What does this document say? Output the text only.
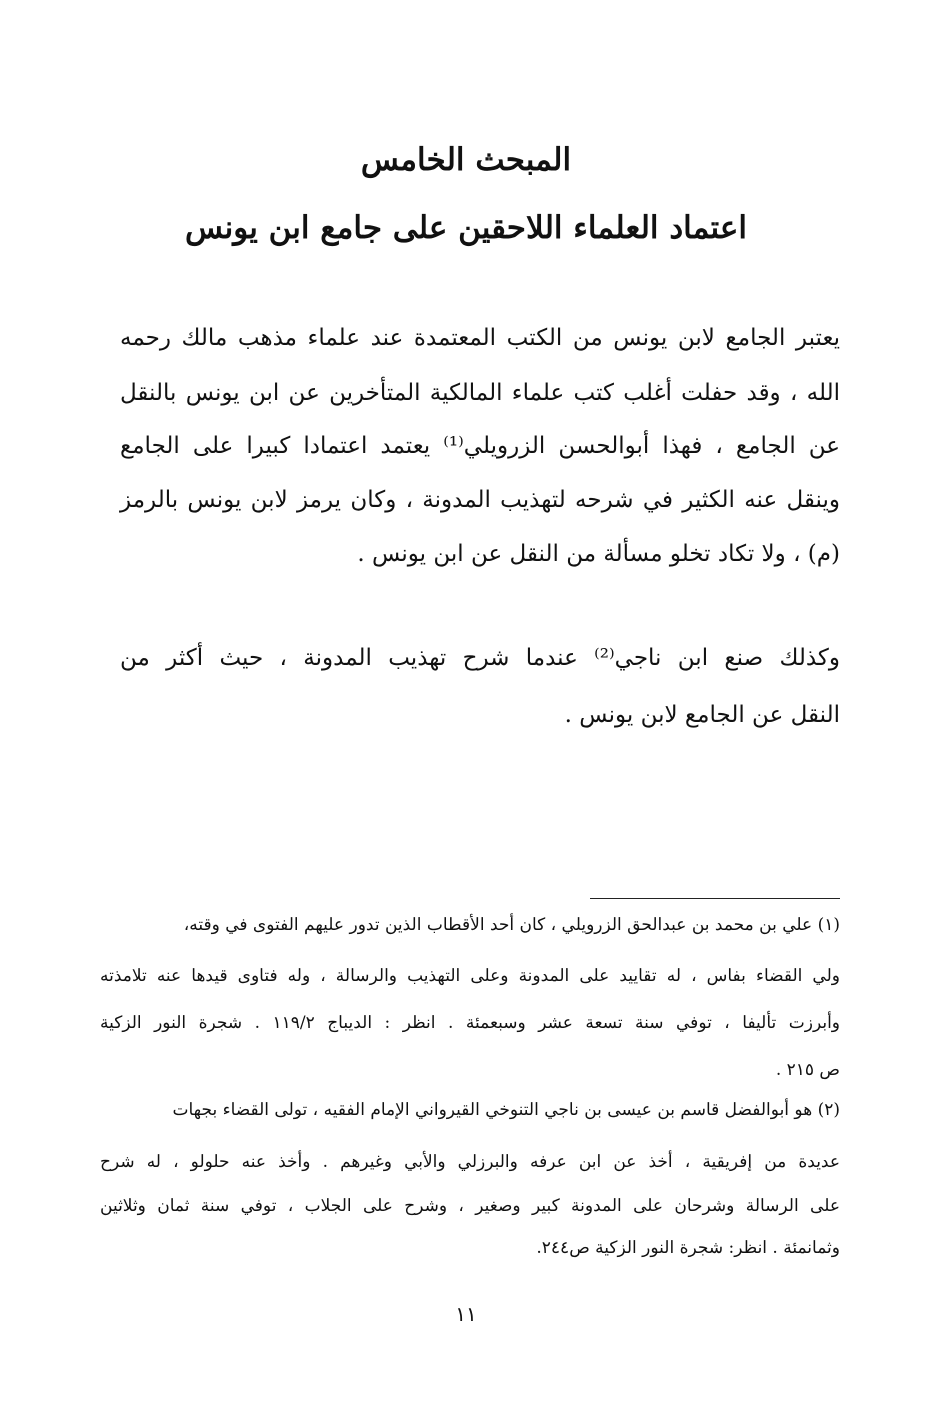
المبحث الخامس
اعتماد العلماء اللاحقين على جامع ابن يونس
يعتبر الجامع لابن يونس من الكتب المعتمدة عند علماء مذهب مالك رحمه
الله ، وقد حفلت أغلب كتب علماء المالكية المتأخرين عن ابن يونس بالنقل
عن الجامع ، فهذا أبوالحسن الزرويلي⁽¹⁾ يعتمد اعتمادا كبيرا على الجامع
وينقل عنه الكثير في شرحه لتهذيب المدونة ، وكان يرمز لابن يونس بالرمز
(م) ، ولا تكاد تخلو مسألة من النقل عن ابن يونس .
وكذلك صنع ابن ناجي⁽²⁾ عندما شرح تهذيب المدونة ، حيث أكثر من
النقل عن الجامع لابن يونس .
(١) علي بن محمد بن عبدالحق الزرويلي ، كان أحد الأقطاب الذين تدور عليهم الفتوى في وقته،
ولي القضاء بفاس ، له تقاييد على المدونة وعلى التهذيب والرسالة ، وله فتاوى قيدها عنه تلامذته
وأبرزت تأليفا ، توفي سنة تسعة عشر وسبعمئة . انظر : الديباج ١١٩/٢ . شجرة النور الزكية
ص ٢١٥ .
(٢) هو أبوالفضل قاسم بن عيسى بن ناجي التنوخي القيرواني الإمام الفقيه ، تولى القضاء بجهات
عديدة من إفريقية ، أخذ عن ابن عرفه والبرزلي والأبي وغيرهم . وأخذ عنه حلولو ، له شرح
على الرسالة وشرحان على المدونة كبير وصغير ، وشرح على الجلاب ، توفي سنة ثمان وثلاثين
وثمانمئة . انظر: شجرة النور الزكية ص٢٤٤.
١١
